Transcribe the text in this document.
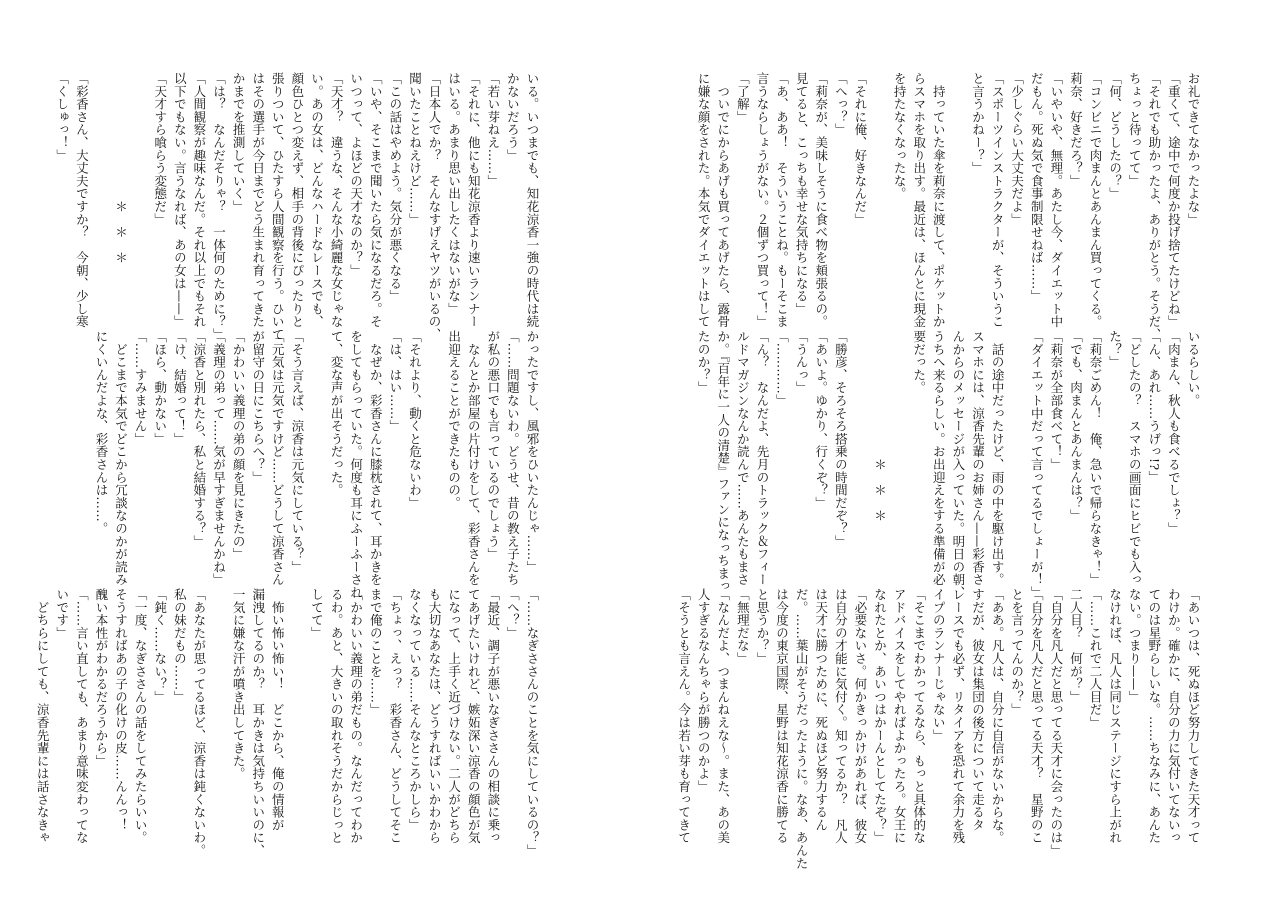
いる。いつまでも、知花涼香一強の時代は続
かないだろう」
「若い芽ねえ……」
「それに、他にも知花涼香より速いランナー
はいる。あまり思い出したくはないがな」
「日本人でか？　そんなすげえヤツがいるの、
聞いたことねえけど……」
「この話はやめよう。気分が悪くなる」
「いや、そこまで聞いたら気になるだろ。そ
いつって、よほどの天才なのか？」
「天才？　違うな、そんな小綺麗な女じゃな
い。あの女は、どんなハードなレースでも、
顔色ひとつ変えず、相手の背後にぴったりと
張りついて、ひたすら人間観察を行う。ひいて
はその選手が今日までどう生まれ育ってきた
かまでを推測していく」
「は？　なんだそりゃ？　一体何のために？」
「人間観察が趣味なんだ。それ以上でもそれ
以下でもない。言うなれば、あの女は——」
「天才すら喰らう変態だ」

　　　　　　　　　　＊　＊　＊

「彩香さん、大丈夫ですか？　今朝、少し寒
「くしゅっ！」
かったですし、風邪をひいたんじゃ……」
「……問題ないわ。どうせ、昔の教え子たち
が私の悪口でも言っているのでしょう」
　なんとか部屋の片付けをして、彩香さんを
出迎えることができたものの。

「それより、動くと危ないわ」
「は、はい……」
　なぜか、彩香さんに膝枕されて、耳かきを
をしてもらっていた。何度も耳にふーふーされ
て、変な声が出そうだった。

「そう言えば、涼香は元気にしている？」
「元気は元気ですけど……どうして涼香さん
が留守の日にこちらへ？」
「かわいい義理の弟の顔を見にきたの」
「義理の弟って……気が早すぎませんかね」
「涼香と別れたら、私と結婚する？」
「け、結婚って！」
「ほら、動かない」
「……すみません」
　どこまで本気でどこから冗談なのかが読み
にくいんだよな、彩香さんは……。
「……なぎささんのことを気にしているの？」
「へ？」
「最近、調子が悪いなぎささんの相談に乗っ
てあげたいけれど、嫉妬深い涼香の顔色が気
になって、上手く近づけない。二人がどちら
も大切なあなたは、どうすればいいかわから
なくなっている……そんなところかしら」
「ちょっ、えっ？　彩香さん、どうしてそこ
まで俺のことを……」
「かわいい義理の弟だもの。なんだってわか
るわ。あと、大きいの取れそうだからじっと
してて」

　怖い怖い怖い！　どこから、俺の情報が
漏洩してるのか？　耳かきは気持ちいいのに、
一気に嫌な汗が噴き出してきた。

「あなたが思ってるほど、涼香は鈍くないわ。
私の妹だもの……」
「鈍く……ない？」
「一度、なぎささんの話をしてみたらいい。
そうすればあの子の化けの皮……んんっ！
醜い本性がわかるだろうから」
「……言い直しても、あまり意味変わってな
いです」
　どちらにしても、涼香先輩には話さなきゃ
お礼できてなかったよな」
「重くて、途中で何度か投げ捨てたけどね」
「それでも助かったよ、ありがとう。そうだ、
ちょっと待ってて」
「何、どうしたの？」
「コンビニで肉まんとあんまん買ってくる。
莉奈、好きだろ？」
「いやいや、無理。あたし今、ダイエット中
だもん。死ぬ気で食事制限せねば……」
「少しぐらい大丈夫だよ」
「スポーツインストラクターが、そういうこ
と言うかねー？」

　持っていた傘を莉奈に渡して、ポケットか
らスマホを取り出す。最近は、ほんとに現金
を持たなくなったな。

「それに俺、好きなんだ」
「へっ？」
「莉奈が、美味しそうに食べ物を頬張るの。
見てると、こっちも幸せな気持ちになる」
「あ、ああ！　そういうことね。もーそこま
言うならしょうがない。２個ずつ買って！」
「了解」
　ついでにからあげも買ってあげたら、露骨
に嫌な顔をされた。本気でダイエットはして
いるらしい。
「肉まん、秋人も食べるでしょ？」
「ん、あれ……うげっ!?」
「どしたの？　スマホの画面にヒビでも入っ
た？」
「莉奈ごめん！　俺、急いで帰らなきゃ！」
「でも、肉まんとあんまんは？」
「莉奈が全部食べて！」
「ダイエット中だって言ってるでしょーが！」

　話の途中だったけど、雨の中を駆け出す。
スマホには、涼香先輩のお姉さん——彩香さ
んからのメッセージが入っていた。明日の朝、
うちへ来るらしい。お出迎えをする準備が必
要だった。

　　　　　　　　　　＊　＊　＊

「勝彦、そろそろ搭乗の時間だぞ？」
「あいよ。ゆかり、行くぞ？」
「うんっ」
「…………」
「ん？　なんだよ、先月のトラック＆フィー
ルドマガジンなんか読んで……あんたもまさ
か。『百年に一人の清楚』ファンになっちまっ
たのか？」
「あいつは、死ぬほど努力してきた天才って
わけか。確かに、自分の力に気付いてないっ
てのは星野らしいな。……ちなみに、あんた
ない。つまり——」
なければ、凡人は同じステージにすら上がれ
「……これで二人目だ」
二人目？　何が？」
「自分を凡人だと思ってる天才に会ったのは」
「自分を凡人だと思ってる天才？　星野のこ
とを言ってんのか？」
「ああ。凡人は、自分に自信がないからな。
すだが、彼女は集団の後方について走るタ
レースでも必ず、リタイアを恐れて余力を残
イプのランナーじゃない」
「そこまでわかってるなら、もっと具体的な
アドバイスをしてやればよかったろ。女王に
なれたとか、あいつはかーんとしてたぞ？」
「必要ないさ。何かきっかけがあれば、彼女
は自分の才能に気付く。知ってるか？　凡人
は天才に勝つために、死ぬほど努力するん
だ。……葉山がそうだったように。なあ、あんた
は今度の東京国際、星野は知花涼香に勝てる
と思うか？」
「無理だな」
「なんだよ、つまんねえな〜。また、あの美
人すぎるなんちゃらが勝つのかよ」
「そうとも言えん。今は若い芽も育ってきて
